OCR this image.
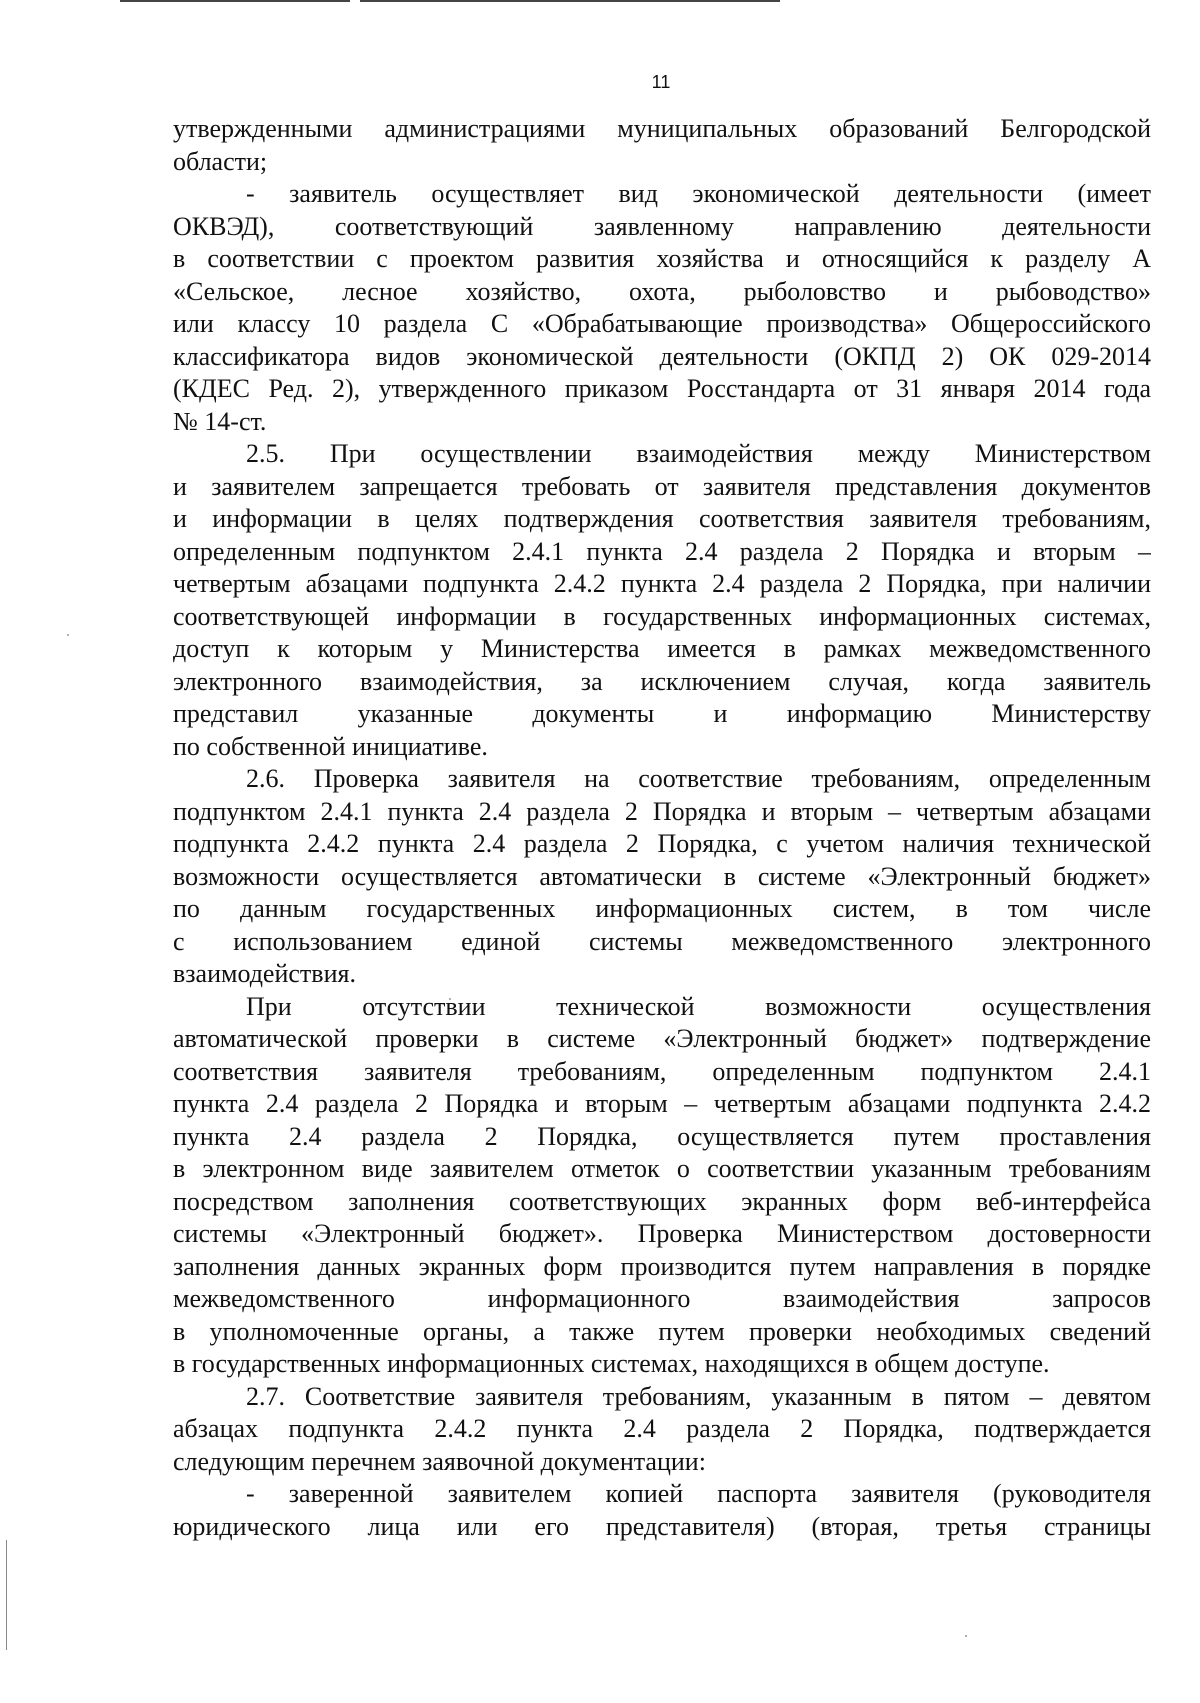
11
утвержденными администрациями муниципальных образований Белгородской
области;
- заявитель осуществляет вид экономической деятельности (имеет
ОКВЭД), соответствующий заявленному направлению деятельности
в соответствии с проектом развития хозяйства и относящийся к разделу А
«Сельское, лесное хозяйство, охота, рыболовство и рыбоводство»
или классу 10 раздела С «Обрабатывающие производства» Общероссийского
классификатора видов экономической деятельности (ОКПД 2) ОК 029-2014
(КДЕС Ред. 2), утвержденного приказом Росстандарта от 31 января 2014 года
№ 14-ст.
2.5. При осуществлении взаимодействия между Министерством
и заявителем запрещается требовать от заявителя представления документов
и информации в целях подтверждения соответствия заявителя требованиям,
определенным подпунктом 2.4.1 пункта 2.4 раздела 2 Порядка и вторым –
четвертым абзацами подпункта 2.4.2 пункта 2.4 раздела 2 Порядка, при наличии
соответствующей информации в государственных информационных системах,
доступ к которым у Министерства имеется в рамках межведомственного
электронного взаимодействия, за исключением случая, когда заявитель
представил указанные документы и информацию Министерству
по собственной инициативе.
2.6. Проверка заявителя на соответствие требованиям, определенным
подпунктом 2.4.1 пункта 2.4 раздела 2 Порядка и вторым – четвертым абзацами
подпункта 2.4.2 пункта 2.4 раздела 2 Порядка, с учетом наличия технической
возможности осуществляется автоматически в системе «Электронный бюджет»
по данным государственных информационных систем, в том числе
с использованием единой системы межведомственного электронного
взаимодействия.
При отсутствии технической возможности осуществления
автоматической проверки в системе «Электронный бюджет» подтверждение
соответствия заявителя требованиям, определенным подпунктом 2.4.1
пункта 2.4 раздела 2 Порядка и вторым – четвертым абзацами подпункта 2.4.2
пункта 2.4 раздела 2 Порядка, осуществляется путем проставления
в электронном виде заявителем отметок о соответствии указанным требованиям
посредством заполнения соответствующих экранных форм веб-интерфейса
системы «Электронный бюджет». Проверка Министерством достоверности
заполнения данных экранных форм производится путем направления в порядке
межведомственного информационного взаимодействия запросов
в уполномоченные органы, а также путем проверки необходимых сведений
в государственных информационных системах, находящихся в общем доступе.
2.7. Соответствие заявителя требованиям, указанным в пятом – девятом
абзацах подпункта 2.4.2 пункта 2.4 раздела 2 Порядка, подтверждается
следующим перечнем заявочной документации:
- заверенной заявителем копией паспорта заявителя (руководителя
юридического лица или его представителя) (вторая, третья страницы
